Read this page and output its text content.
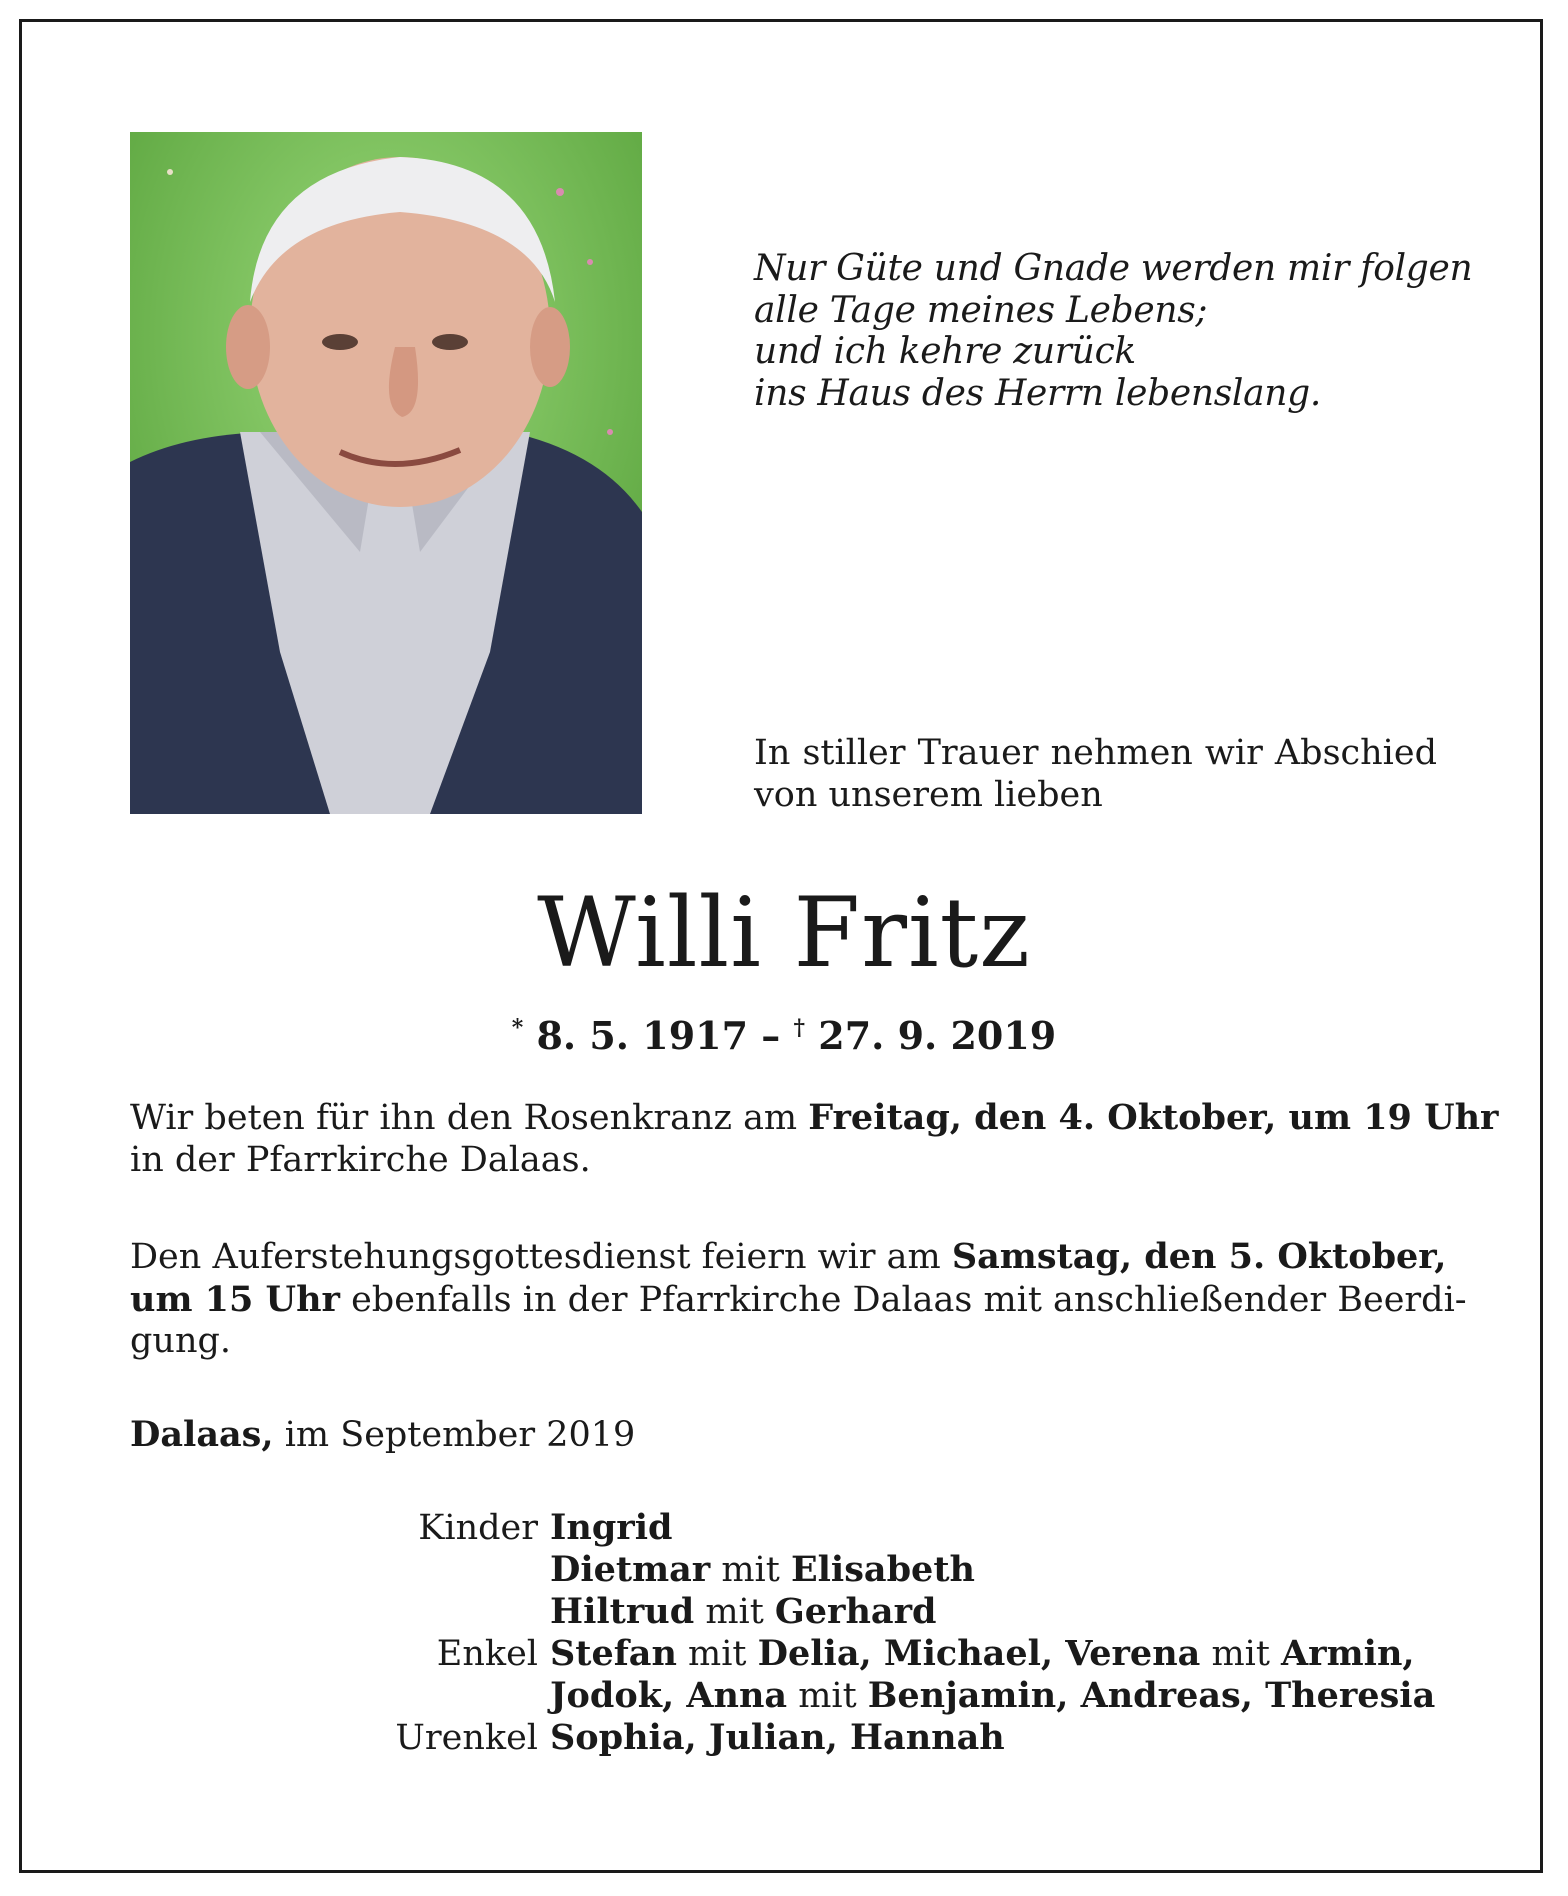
Nur Güte und Gnade werden mir folgen
alle Tage meines Lebens;
und ich kehre zurück
ins Haus des Herrn lebenslang.
In stiller Trauer nehmen wir Abschied
von unserem lieben
Willi Fritz
* 8. 5. 1917 – † 27. 9. 2019
Wir beten für ihn den Rosenkranz am Freitag, den 4. Oktober, um 19 Uhr
in der Pfarrkirche Dalaas.
Den Auferstehungsgottesdienst feiern wir am Samstag, den 5. Oktober,
um 15 Uhr ebenfalls in der Pfarrkirche Dalaas mit anschließender Beerdi-
gung.
Dalaas, im September 2019
Kinder Ingrid
Dietmar mit Elisabeth
Hiltrud mit Gerhard
Enkel Stefan mit Delia, Michael, Verena mit Armin,
Jodok, Anna mit Benjamin, Andreas, Theresia
Urenkel Sophia, Julian, Hannah
